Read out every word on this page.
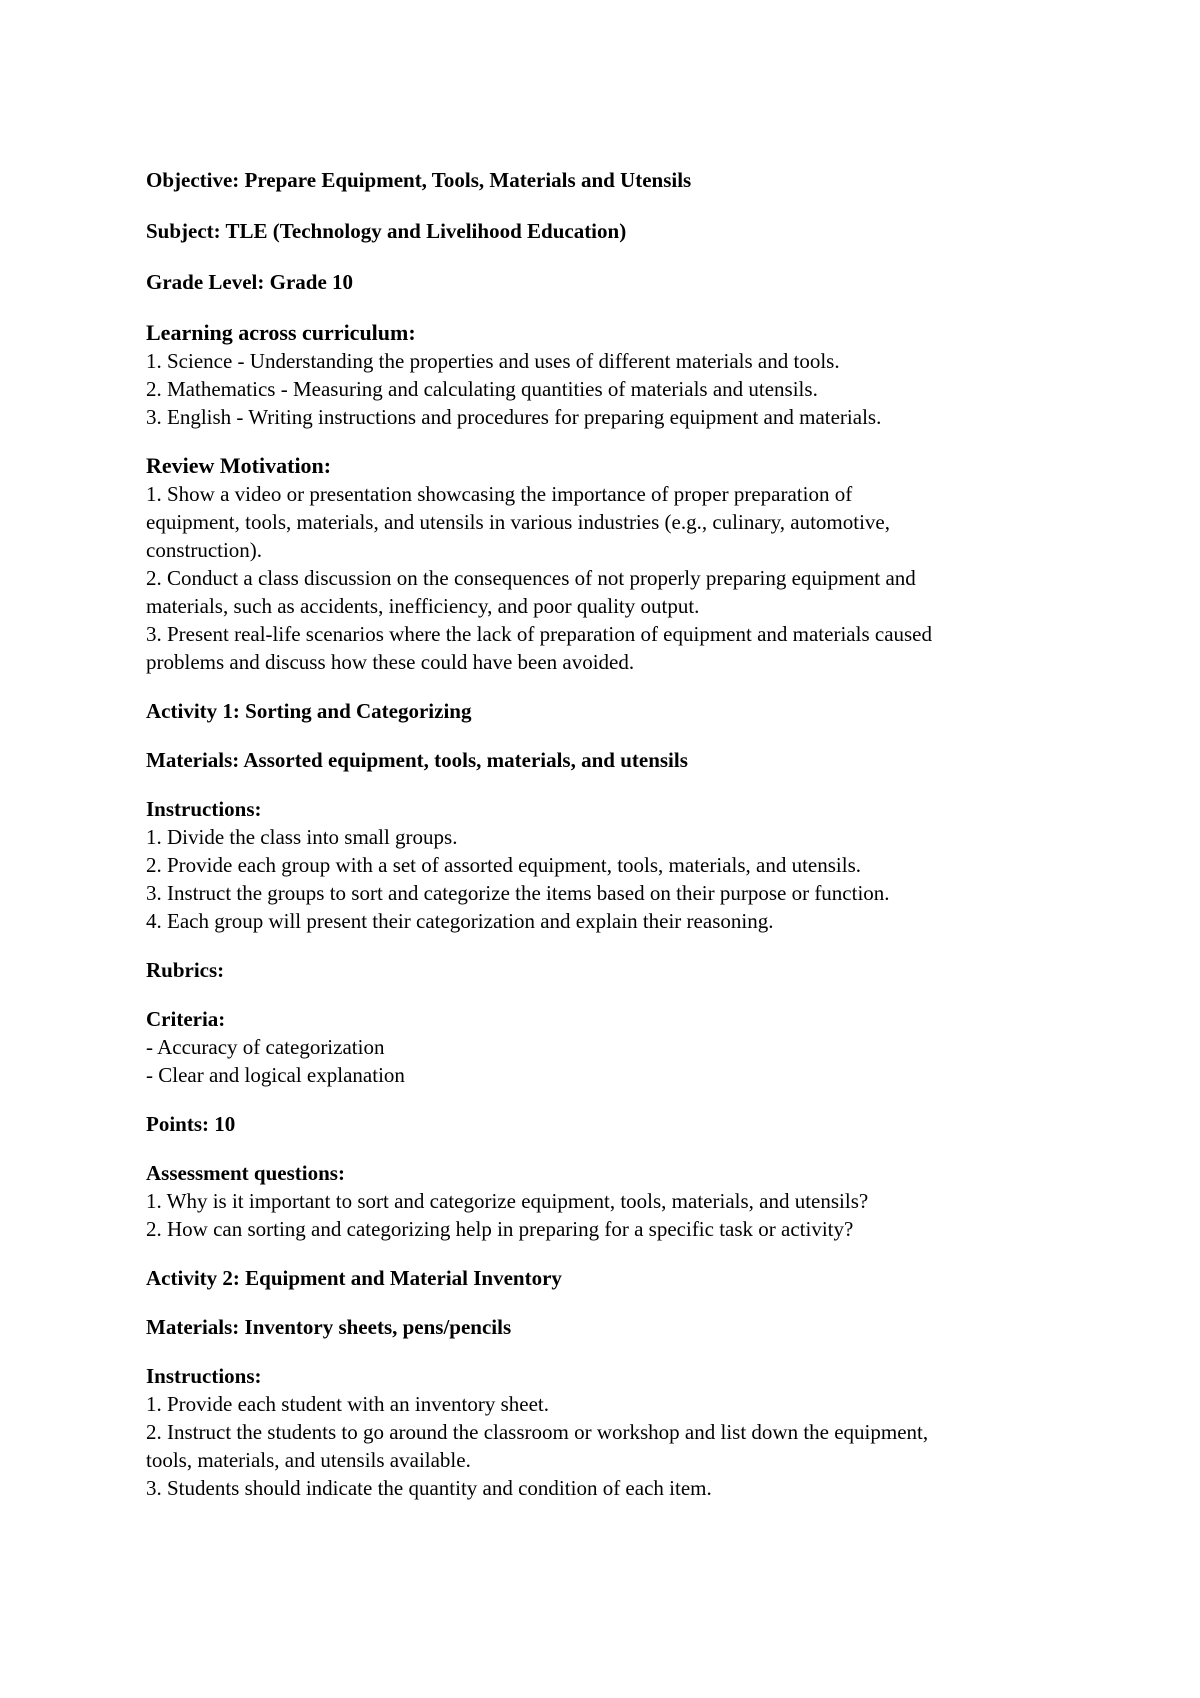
Objective: Prepare Equipment, Tools, Materials and Utensils

Subject: TLE (Technology and Livelihood Education)

Grade Level: Grade 10

Learning across curriculum:

1. Science - Understanding the properties and uses of different materials and tools.

2. Mathematics - Measuring and calculating quantities of materials and utensils.

3. English - Writing instructions and procedures for preparing equipment and materials.

Review Motivation:

1. Show a video or presentation showcasing the importance of proper preparation of

equipment, tools, materials, and utensils in various industries (e.g., culinary, automotive,

construction).

2. Conduct a class discussion on the consequences of not properly preparing equipment and

materials, such as accidents, inefficiency, and poor quality output.

3. Present real-life scenarios where the lack of preparation of equipment and materials caused

problems and discuss how these could have been avoided.

Activity 1: Sorting and Categorizing

Materials: Assorted equipment, tools, materials, and utensils

Instructions:

1. Divide the class into small groups.

2. Provide each group with a set of assorted equipment, tools, materials, and utensils.

3. Instruct the groups to sort and categorize the items based on their purpose or function.

4. Each group will present their categorization and explain their reasoning.

Rubrics:

Criteria:

- Accuracy of categorization

- Clear and logical explanation

Points: 10

Assessment questions:

1. Why is it important to sort and categorize equipment, tools, materials, and utensils?

2. How can sorting and categorizing help in preparing for a specific task or activity?

Activity 2: Equipment and Material Inventory

Materials: Inventory sheets, pens/pencils

Instructions:

1. Provide each student with an inventory sheet.

2. Instruct the students to go around the classroom or workshop and list down the equipment,

tools, materials, and utensils available.

3. Students should indicate the quantity and condition of each item.
